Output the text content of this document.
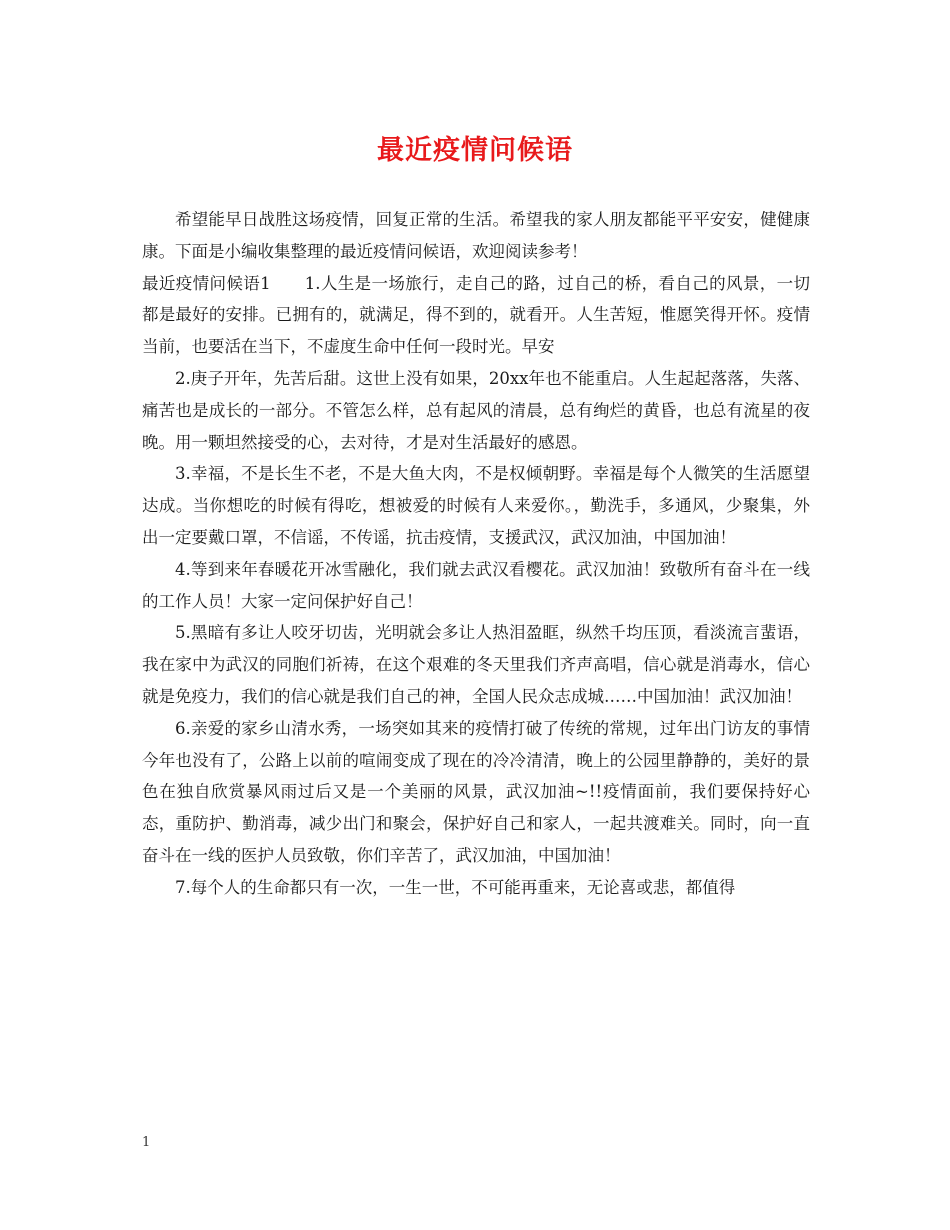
最近疫情问候语

希望能早日战胜这场疫情，回复正常的生活。希望我的家人朋友都能平平安安，健健康康。下面是小编收集整理的最近疫情问候语，欢迎阅读参考！

最近疫情问候语1　　1.人生是一场旅行，走自己的路，过自己的桥，看自己的风景，一切都是最好的安排。已拥有的，就满足，得不到的，就看开。人生苦短，惟愿笑得开怀。疫情当前，也要活在当下，不虚度生命中任何一段时光。早安

2.庚子开年，先苦后甜。这世上没有如果，20xx年也不能重启。人生起起落落，失落、痛苦也是成长的一部分。不管怎么样，总有起风的清晨，总有绚烂的黄昏，也总有流星的夜晚。用一颗坦然接受的心，去对待，才是对生活最好的感恩。

3.幸福，不是长生不老，不是大鱼大肉，不是权倾朝野。幸福是每个人微笑的生活愿望达成。当你想吃的时候有得吃，想被爱的时候有人来爱你。，勤洗手，多通风，少聚集，外出一定要戴口罩，不信谣，不传谣，抗击疫情，支援武汉，武汉加油，中国加油！

4.等到来年春暖花开冰雪融化，我们就去武汉看樱花。武汉加油！致敬所有奋斗在一线的工作人员！大家一定问保护好自己！

5.黑暗有多让人咬牙切齿，光明就会多让人热泪盈眶，纵然千均压顶，看淡流言蜚语，我在家中为武汉的同胞们祈祷，在这个艰难的冬天里我们齐声高唱，信心就是消毒水，信心就是免疫力，我们的信心就是我们自己的神，全国人民众志成城……中国加油！武汉加油！

6.亲爱的家乡山清水秀，一场突如其来的疫情打破了传统的常规，过年出门访友的事情今年也没有了，公路上以前的喧闹变成了现在的冷冷清清，晚上的公园里静静的，美好的景色在独自欣赏暴风雨过后又是一个美丽的风景，武汉加油~!!疫情面前，我们要保持好心态，重防护、勤消毒，减少出门和聚会，保护好自己和家人，一起共渡难关。同时，向一直奋斗在一线的医护人员致敬，你们辛苦了，武汉加油，中国加油！

7.每个人的生命都只有一次，一生一世，不可能再重来，无论喜或悲，都值得

1
